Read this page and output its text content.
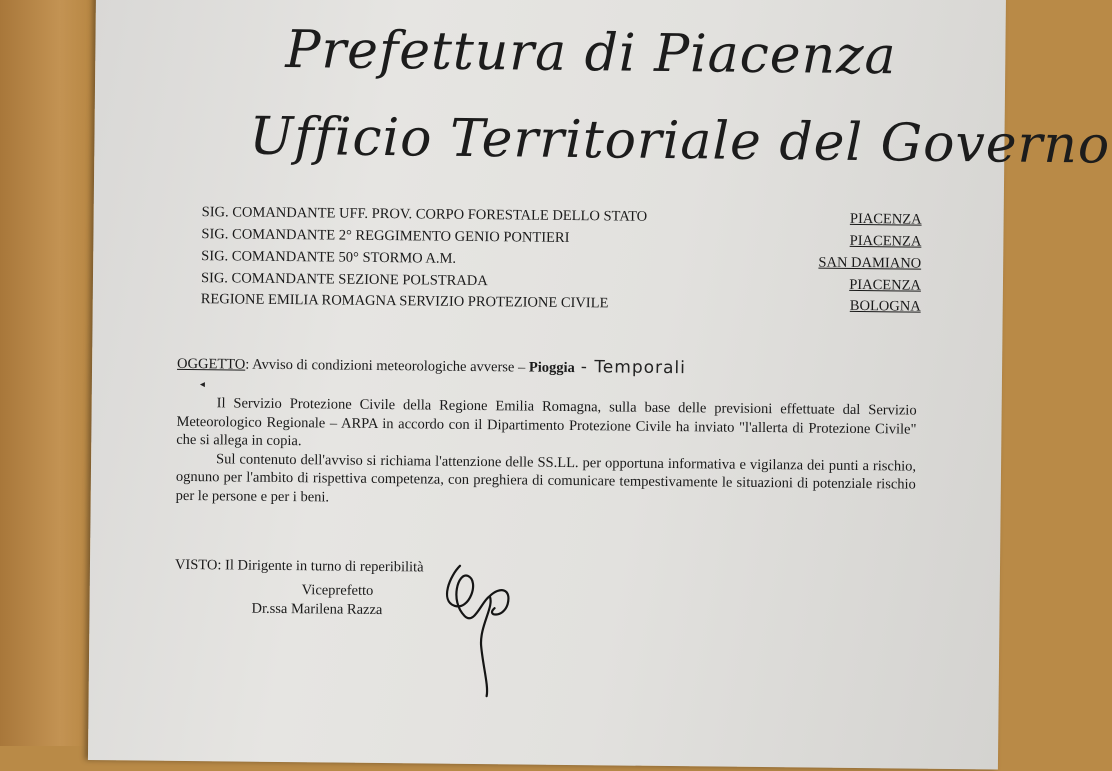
Prefettura di Piacenza
Ufficio Territoriale del Governo
SIG. COMANDANTE UFF. PROV. CORPO FORESTALE DELLO STATO	PIACENZA
SIG. COMANDANTE 2° REGGIMENTO GENIO PONTIERI	PIACENZA
SIG. COMANDANTE 50° STORMO A.M.	SAN DAMIANO
SIG. COMANDANTE SEZIONE POLSTRADA	PIACENZA
REGIONE EMILIA ROMAGNA SERVIZIO PROTEZIONE CIVILE	BOLOGNA
OGGETTO: Avviso di condizioni meteorologiche avverse – Pioggia - Temporali
◂

Il Servizio Protezione Civile della Regione Emilia Romagna, sulla base delle previsioni effettuate dal Servizio Meteorologico Regionale – ARPA in accordo con il Dipartimento Protezione Civile ha inviato "l'allerta di Protezione Civile" che si allega in copia.

Sul contenuto dell'avviso si richiama l'attenzione delle SS.LL. per opportuna informativa e vigilanza dei punti a rischio, ognuno per l'ambito di rispettiva competenza, con preghiera di comunicare tempestivamente le situazioni di potenziale rischio per le persone e per i beni.

VISTO: Il Dirigente in turno di reperibilità
Viceprefetto
Dr.ssa Marilena Razza
